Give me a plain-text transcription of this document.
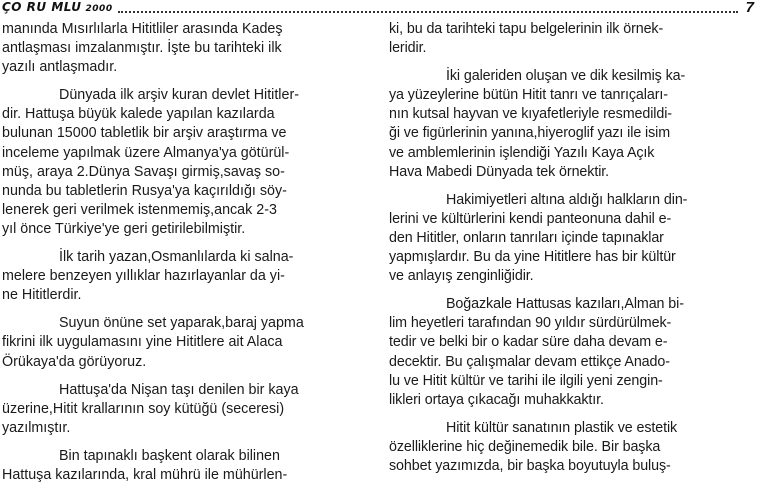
ÇO RU MLU 2000	7

manında Mısırlılarla Hititliler arasında Kadeş
antlaşması imzalanmıştır. İşte bu tarihteki ilk
yazılı antlaşmadır.

Dünyada ilk arşiv kuran devlet Hititler-
dir. Hattuşa büyük kalede yapılan kazılarda
bulunan 15000 tabletlik bir arşiv araştırma ve
inceleme yapılmak üzere Almanya'ya götürül-
müş, araya 2.Dünya Savaşı girmiş,savaş so-
nunda bu tabletlerin Rusya'ya kaçırıldığı söy-
lenerek geri verilmek istenmemiş,ancak 2-3
yıl önce Türkiye'ye geri getirilebilmiştir.

İlk tarih yazan,Osmanlılarda ki salna-
melere benzeyen yıllıklar hazırlayanlar da yi-
ne Hititlerdir.

Suyun önüne set yaparak,baraj yapma
fikrini ilk uygulamasını yine Hititlere ait Alaca
Örükaya'da görüyoruz.

Hattuşa'da Nişan taşı denilen bir kaya
üzerine,Hitit krallarının soy kütüğü (seceresi)
yazılmıştır.

Bin tapınaklı başkent olarak bilinen
Hattuşa kazılarında, kral mührü ile mühürlen-

ki, bu da tarihteki tapu belgelerinin ilk örnek-
leridir.

İki galeriden oluşan ve dik kesilmiş ka-
ya yüzeylerine bütün Hitit tanrı ve tanrıçaları-
nın kutsal hayvan ve kıyafetleriyle resmedildi-
ği ve figürlerinin yanına,hiyeroglif yazı ile isim
ve amblemlerinin işlendiği Yazılı Kaya Açık
Hava Mabedi Dünyada tek örnektir.

Hakimiyetleri altına aldığı halkların din-
lerini ve kültürlerini kendi panteonuna dahil e-
den Hititler, onların tanrıları içinde tapınaklar
yapmışlardır. Bu da yine Hititlere has bir kültür
ve anlayış zenginliğidir.

Boğazkale Hattusas kazıları,Alman bi-
lim heyetleri tarafından 90 yıldır sürdürülmek-
tedir ve belki bir o kadar süre daha devam e-
decektir. Bu çalışmalar devam ettikçe Anado-
lu ve Hitit kültür ve tarihi ile ilgili yeni zengin-
likleri ortaya çıkacağı muhakkaktır.

Hitit kültür sanatının plastik ve estetik
özelliklerine hiç değinemedik bile. Bir başka
sohbet yazımızda, bir başka boyutuyla buluş-
